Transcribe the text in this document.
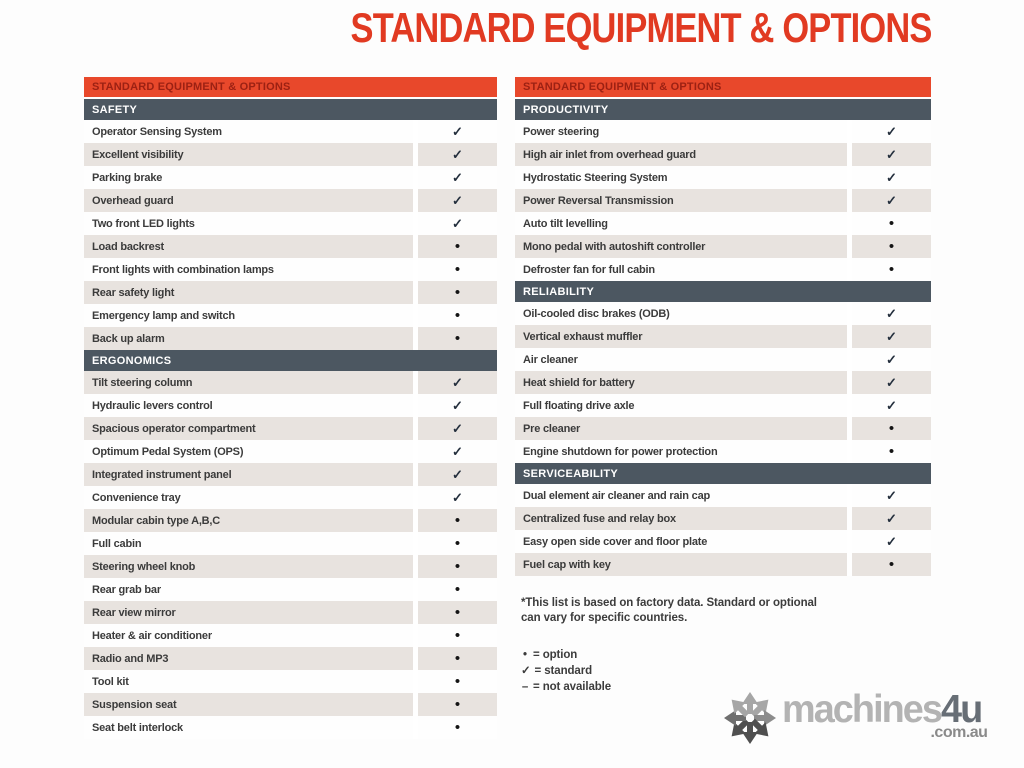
STANDARD EQUIPMENT & OPTIONS
STANDARD EQUIPMENT & OPTIONS
SAFETY
Operator Sensing System	✓
Excellent visibility	✓
Parking brake	✓
Overhead guard	✓
Two front LED lights	✓
Load backrest	•
Front lights with combination lamps	•
Rear safety light	•
Emergency lamp and switch	•
Back up alarm	•
ERGONOMICS
Tilt steering column	✓
Hydraulic levers control	✓
Spacious operator compartment	✓
Optimum Pedal System (OPS)	✓
Integrated instrument panel	✓
Convenience tray	✓
Modular cabin type A,B,C	•
Full cabin	•
Steering wheel knob	•
Rear grab bar	•
Rear view mirror	•
Heater & air conditioner	•
Radio and MP3	•
Tool kit	•
Suspension seat	•
Seat belt interlock	•
STANDARD EQUIPMENT & OPTIONS
PRODUCTIVITY
Power steering	✓
High air inlet from overhead guard	✓
Hydrostatic Steering System	✓
Power Reversal Transmission	✓
Auto tilt levelling	•
Mono pedal with autoshift controller	•
Defroster fan for full cabin	•
RELIABILITY
Oil-cooled disc brakes (ODB)	✓
Vertical exhaust muffler	✓
Air cleaner	✓
Heat shield for battery	✓
Full floating drive axle	✓
Pre cleaner	•
Engine shutdown for power protection	•
SERVICEABILITY
Dual element air cleaner and rain cap	✓
Centralized fuse and relay box	✓
Easy open side cover and floor plate	✓
Fuel cap with key	•
*This list is based on factory data. Standard or optional
can vary for specific countries.
• = option
✓ = standard
– = not available
machines4u
.com.au
